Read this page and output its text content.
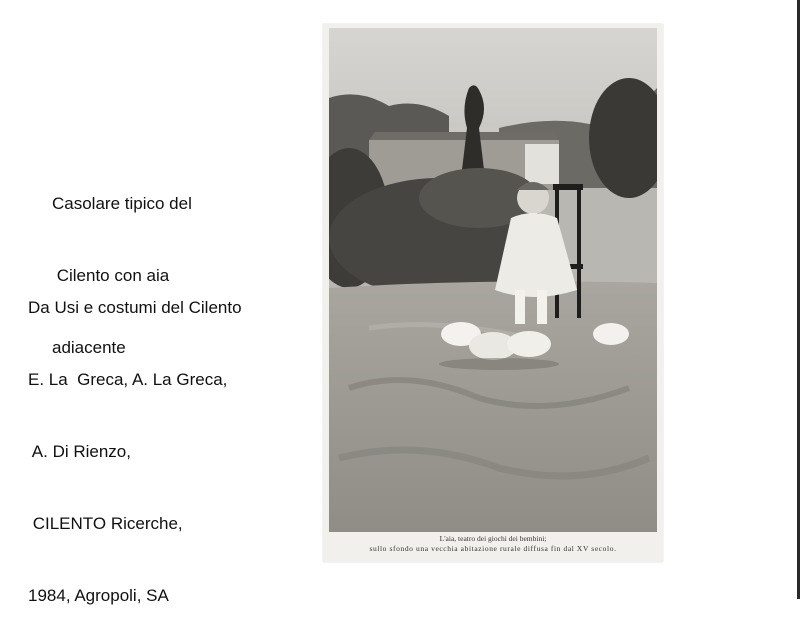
Casolare tipico del

Cilento con aia

adiacente

Da Usi e costumi del Cilento

E. La  Greca, A. La Greca,

A. Di Rienzo,

CILENTO Ricerche,

1984, Agropoli, SA

L'aia, teatro dei giochi dei bembini;
sullo sfondo una vecchia abitazione rurale diffusa fin dal XV secolo.
